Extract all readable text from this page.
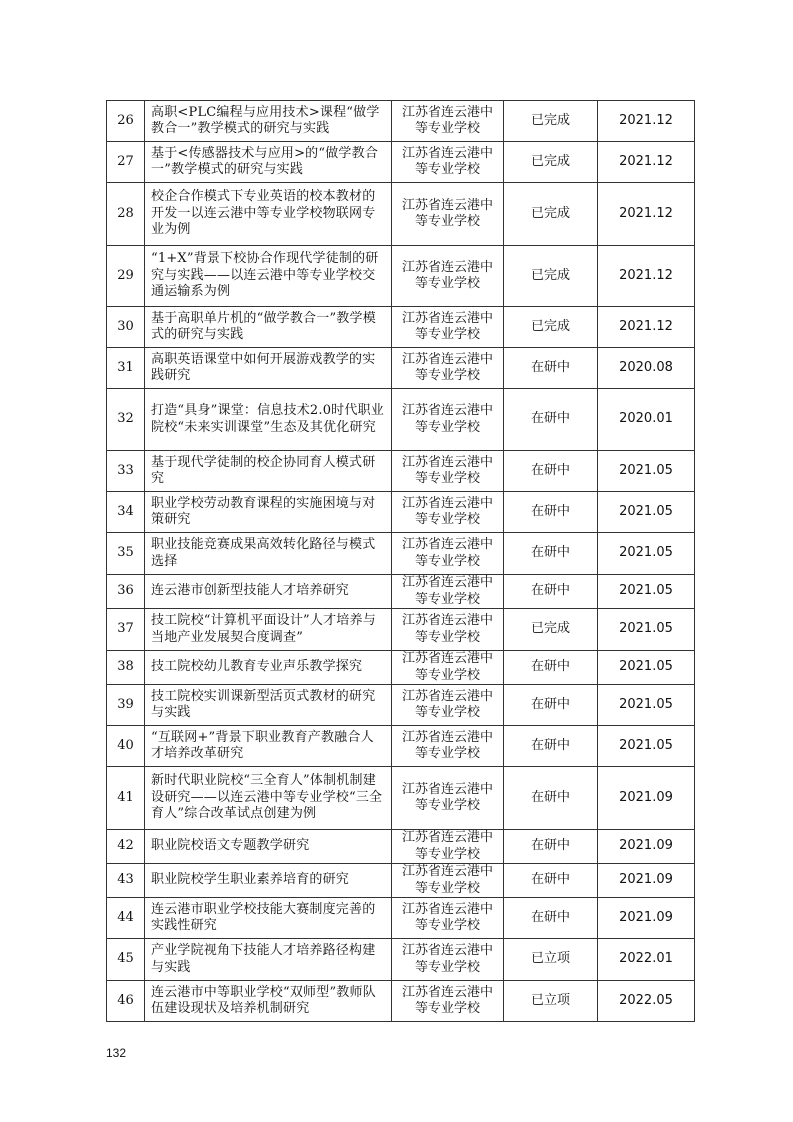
26	高职<PLC编程与应用技术>课程“做学教合一”教学模式的研究与实践	江苏省连云港中等专业学校	已完成	2021.12
27	基于<传感器技术与应用>的“做学教合一”教学模式的研究与实践	江苏省连云港中等专业学校	已完成	2021.12
28	校企合作模式下专业英语的校本教材的开发一以连云港中等专业学校物联网专业为例	江苏省连云港中等专业学校	已完成	2021.12
29	“1+X”背景下校协合作现代学徒制的研究与实践——以连云港中等专业学校交通运输系为例	江苏省连云港中等专业学校	已完成	2021.12
30	基于高职单片机的“做学教合一”教学模式的研究与实践	江苏省连云港中等专业学校	已完成	2021.12
31	高职英语课堂中如何开展游戏教学的实践研究	江苏省连云港中等专业学校	在研中	2020.08
32	打造“具身”课堂：信息技术2.0时代职业院校“未来实训课堂”生态及其优化研究	江苏省连云港中等专业学校	在研中	2020.01
33	基于现代学徒制的校企协同育人模式研究	江苏省连云港中等专业学校	在研中	2021.05
34	职业学校劳动教育课程的实施困境与对策研究	江苏省连云港中等专业学校	在研中	2021.05
35	职业技能竞赛成果高效转化路径与模式选择	江苏省连云港中等专业学校	在研中	2021.05
36	连云港市创新型技能人才培养研究	江苏省连云港中等专业学校	在研中	2021.05
37	技工院校“计算机平面设计”人才培养与当地产业发展契合度调查”	江苏省连云港中等专业学校	已完成	2021.05
38	技工院校幼儿教育专业声乐教学探究	江苏省连云港中等专业学校	在研中	2021.05
39	技工院校实训课新型活页式教材的研究与实践	江苏省连云港中等专业学校	在研中	2021.05
40	“互联网+”背景下职业教育产教融合人才培养改革研究	江苏省连云港中等专业学校	在研中	2021.05
41	新时代职业院校“三全育人”体制机制建设研究——以连云港中等专业学校“三全育人”综合改革试点创建为例	江苏省连云港中等专业学校	在研中	2021.09
42	职业院校语文专题教学研究	江苏省连云港中等专业学校	在研中	2021.09
43	职业院校学生职业素养培育的研究	江苏省连云港中等专业学校	在研中	2021.09
44	连云港市职业学校技能大赛制度完善的实践性研究	江苏省连云港中等专业学校	在研中	2021.09
45	产业学院视角下技能人才培养路径构建与实践	江苏省连云港中等专业学校	已立项	2022.01
46	连云港市中等职业学校“双师型”教师队伍建设现状及培养机制研究	江苏省连云港中等专业学校	已立项	2022.05
132
